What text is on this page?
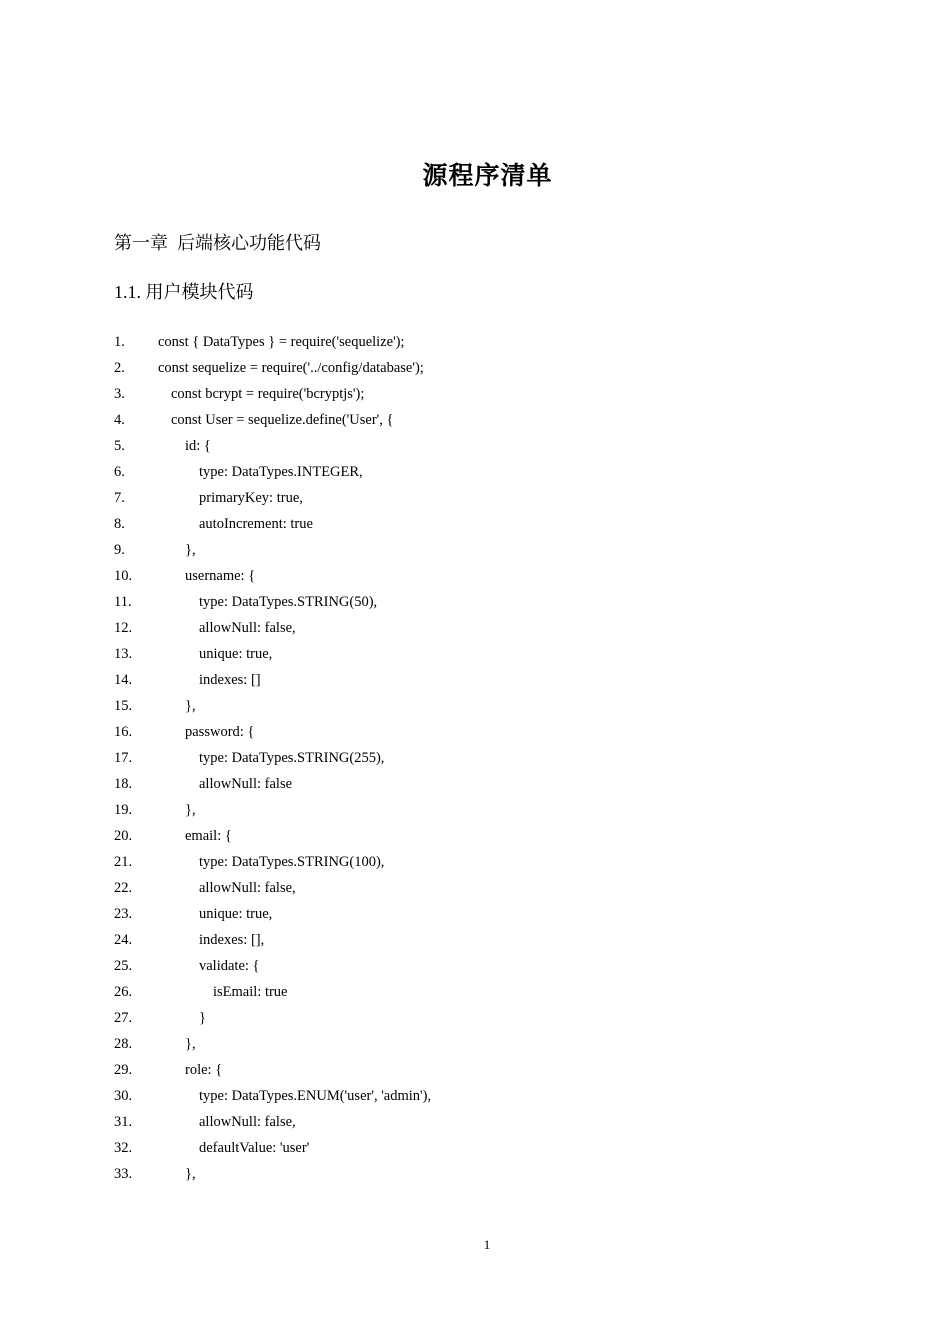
源程序清单
第一章  后端核心功能代码
1.1. 用户模块代码
1. const { DataTypes } = require('sequelize');
2. const sequelize = require('../config/database');
3.	const bcrypt = require('bcryptjs');
4.	const User = sequelize.define('User', {
5.	id: {
6.	type: DataTypes.INTEGER,
7.	primaryKey: true,
8.	autoIncrement: true
9.	},
10.	username: {
11.	type: DataTypes.STRING(50),
12.	allowNull: false,
13.	unique: true,
14.	indexes: []
15.	},
16.	password: {
17.	type: DataTypes.STRING(255),
18.	allowNull: false
19.	},
20.	email: {
21.	type: DataTypes.STRING(100),
22.	allowNull: false,
23.	unique: true,
24.	indexes: [],
25.	validate: {
26.	isEmail: true
27.	}
28.	},
29.	role: {
30.	type: DataTypes.ENUM('user', 'admin'),
31.	allowNull: false,
32.	defaultValue: 'user'
33.	},
1
